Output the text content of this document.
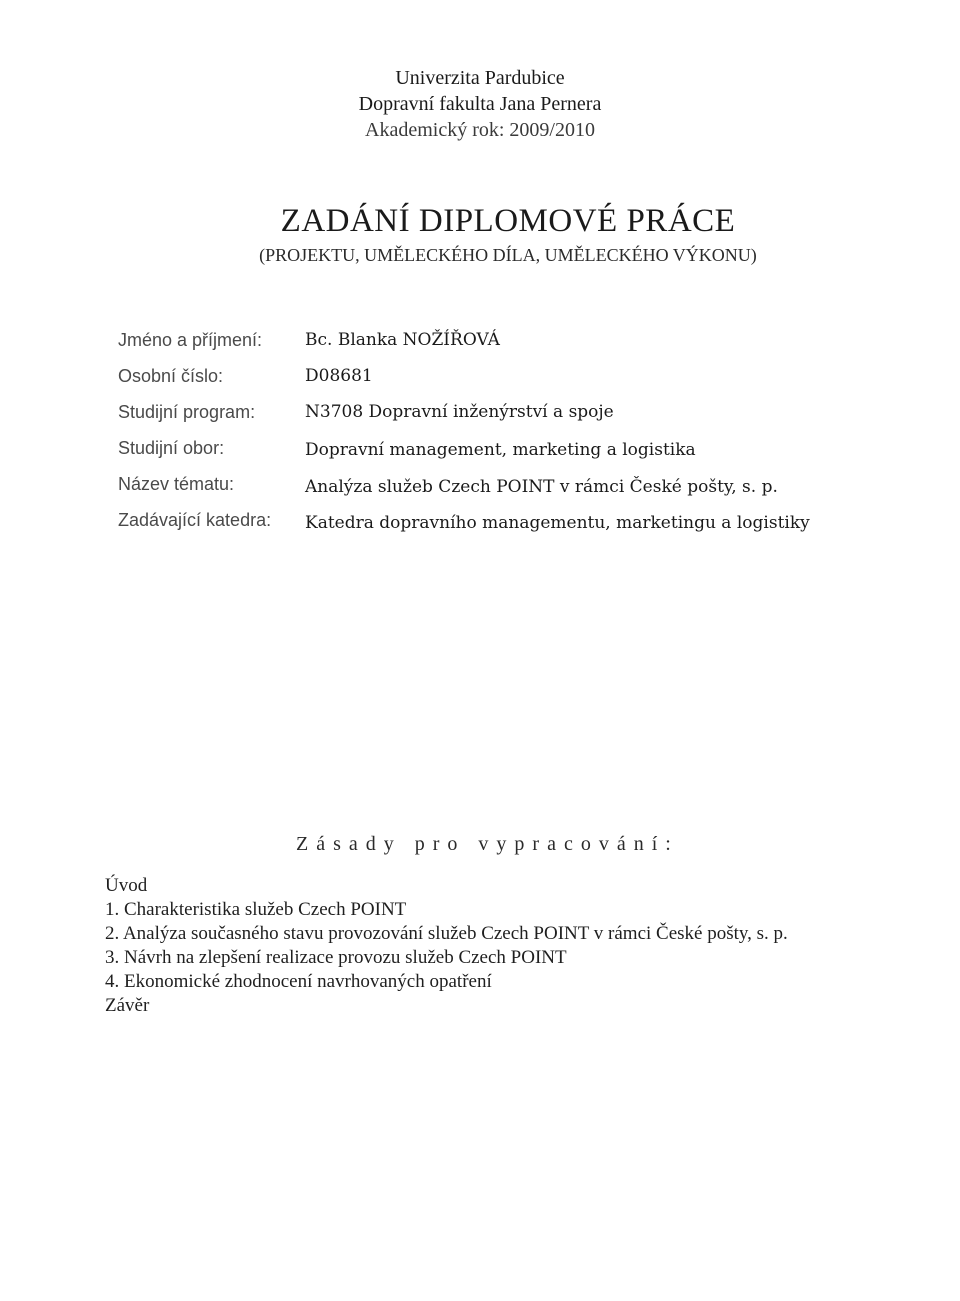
Univerzita Pardubice
Dopravní fakulta Jana Pernera
Akademický rok: 2009/2010
ZADÁNÍ DIPLOMOVÉ PRÁCE
(PROJEKTU, UMĚLECKÉHO DÍLA, UMĚLECKÉHO VÝKONU)
Jméno a příjmení:	Bc. Blanka NOŽÍŘOVÁ
Osobní číslo:	D08681
Studijní program:	N3708 Dopravní inženýrství a spoje
Studijní obor:	Dopravní management, marketing a logistika
Název tématu:	Analýza služeb Czech POINT v rámci České pošty, s. p.
Zadávající katedra: Katedra dopravního managementu, marketingu a logistiky
Zásady pro vypracování:
Úvod
1. Charakteristika služeb Czech POINT
2. Analýza současného stavu provozování služeb Czech POINT v rámci České pošty, s. p.
3. Návrh na zlepšení realizace provozu služeb Czech POINT
4. Ekonomické zhodnocení navrhovaných opatření
Závěr
